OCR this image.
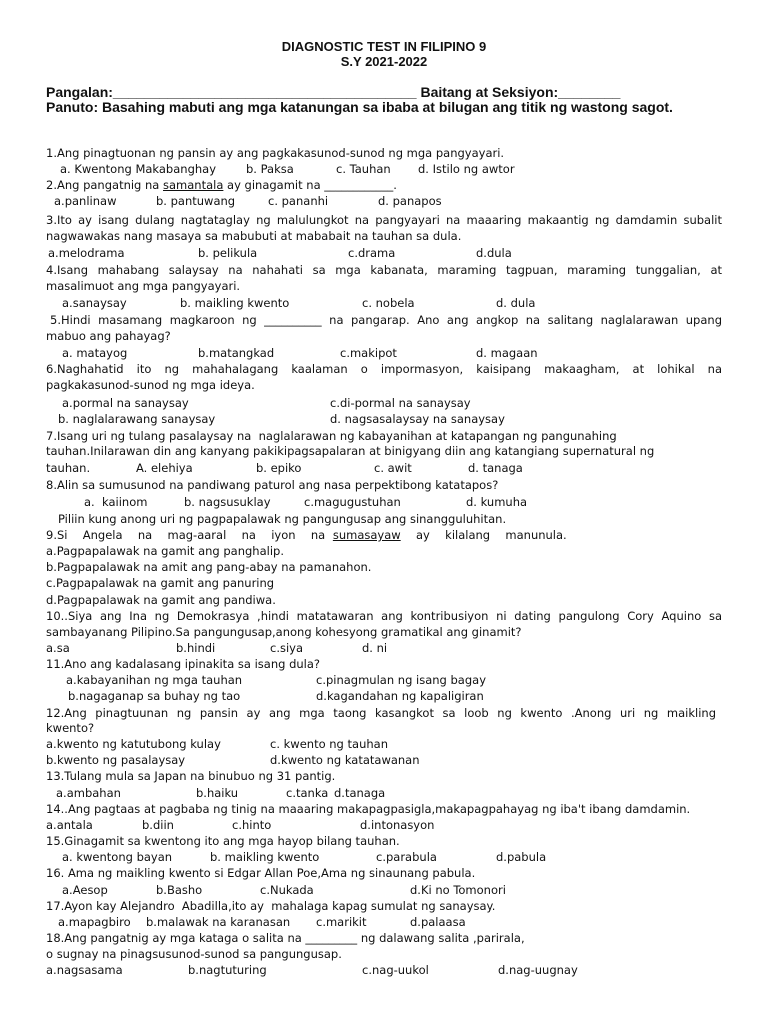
DIAGNOSTIC TEST IN FILIPINO 9
S.Y 2021-2022
Pangalan:_______________________________________ Baitang at Seksiyon:________
Panuto: Basahing mabuti ang mga katanungan sa ibaba at bilugan ang titik ng wastong sagot.
1.Ang pinagtuonan ng pansin ay ang pagkakasunod-sunod ng mga pangyayari.
a. Kwentong Makabanghay	b. Paksa	c. Tauhan d. Istilo ng awtor
2.Ang pangatnig na samantala ay ginagamit na ____________.
a.panlinaw	b. pantuwang	c. pananhi	d. panapos
3.Ito ay isang dulang nagtataglay ng malulungkot na pangyayari na maaaring makaantig ng damdamin subalit
nagwawakas nang masaya sa mabubuti at mababait na tauhan sa dula.
a.melodrama	b. pelikula	c.drama	d.dula
4.Isang mahabang salaysay na nahahati sa mga kabanata, maraming tagpuan, maraming tunggalian, at
masalimuot ang mga pangyayari.
a.sanaysay	b. maikling kwento	c. nobela	d. dula
5.Hindi masamang magkaroon ng __________ na pangarap. Ano ang angkop na salitang naglalarawan upang
mabuo ang pahayag?
a. matayog	b.matangkad	c.makipot	d. magaan
6.Naghahatid ito ng mahahalagang kaalaman o impormasyon, kaisipang makaagham, at lohikal na
pagkakasunod-sunod ng mga ideya.
a.pormal na sanaysay	c.di-pormal na sanaysay
b. naglalarawang sanaysay	d. nagsasalaysay na sanaysay
7.Isang uri ng tulang pasalaysay na  naglalarawan ng kabayanihan at katapangan ng pangunahing
tauhan.Inilarawan din ang kanyang pakikipagsapalaran at binigyang diin ang katangiang supernatural ng
tauhan.	A. elehiya	b. epiko	c. awit	d. tanaga
8.Alin sa sumusunod na pandiwang paturol ang nasa perpektibong katatapos?
a.  kaiinom	b. nagsusuklay	c.magugustuhan	d. kumuha
Piliin kung anong uri ng pagpapalawak ng pangungusap ang sinangguluhitan.
9.Si  Angela  na  mag-aaral  na  iyon  na sumasayaw  ay  kilalang  manunula.
a.Pagpapalawak na gamit ang panghalip.
b.Pagpapalawak na amit ang pang-abay na pamanahon.
c.Pagpapalawak na gamit ang panuring
d.Pagpapalawak na gamit ang pandiwa.
10..Siya ang Ina ng Demokrasya ,hindi matatawaran ang kontribusiyon ni dating pangulong Cory Aquino sa
sambayanang Pilipino.Sa pangungusap,anong kohesyong gramatikal ang ginamit?
a.sa	b.hindi	c.siya	d. ni
11.Ano ang kadalasang ipinakita sa isang dula?
a.kabayanihan ng mga tauhan	c.pinagmulan ng isang bagay
b.nagaganap sa buhay ng tao	d.kagandahan ng kapaligiran
12.Ang pinagtuunan ng pansin ay ang mga taong kasangkot sa loob ng kwento .Anong uri ng maikling
kwento?
a.kwento ng katutubong kulay	c. kwento ng tauhan
b.kwento ng pasalaysay	d.kwento ng katatawanan
13.Tulang mula sa Japan na binubuo ng 31 pantig.
a.ambahan	b.haiku	c.tanka d.tanaga
14..Ang pagtaas at pagbaba ng tinig na maaaring makapagpasigla,makapagpahayag ng iba't ibang damdamin.
a.antala	b.diin	c.hinto	d.intonasyon
15.Ginagamit sa kwentong ito ang mga hayop bilang tauhan.
a. kwentong bayan	b. maikling kwento	c.parabula	d.pabula
16. Ama ng maikling kwento si Edgar Allan Poe,Ama ng sinaunang pabula.
a.Aesop	b.Basho	c.Nukada	d.Ki no Tomonori
17.Ayon kay Alejandro  Abadilla,ito ay  mahalaga kapag sumulat ng sanaysay.
a.mapagbiro b.malawak na karanasan c.marikit	d.palaasa
18.Ang pangatnig ay mga kataga o salita na _________ ng dalawang salita ,parirala,
o sugnay na pinagsusunod-sunod sa pangungusap.
a.nagsasama	b.nagtuturing	c.nag-uukol	d.nag-uugnay
